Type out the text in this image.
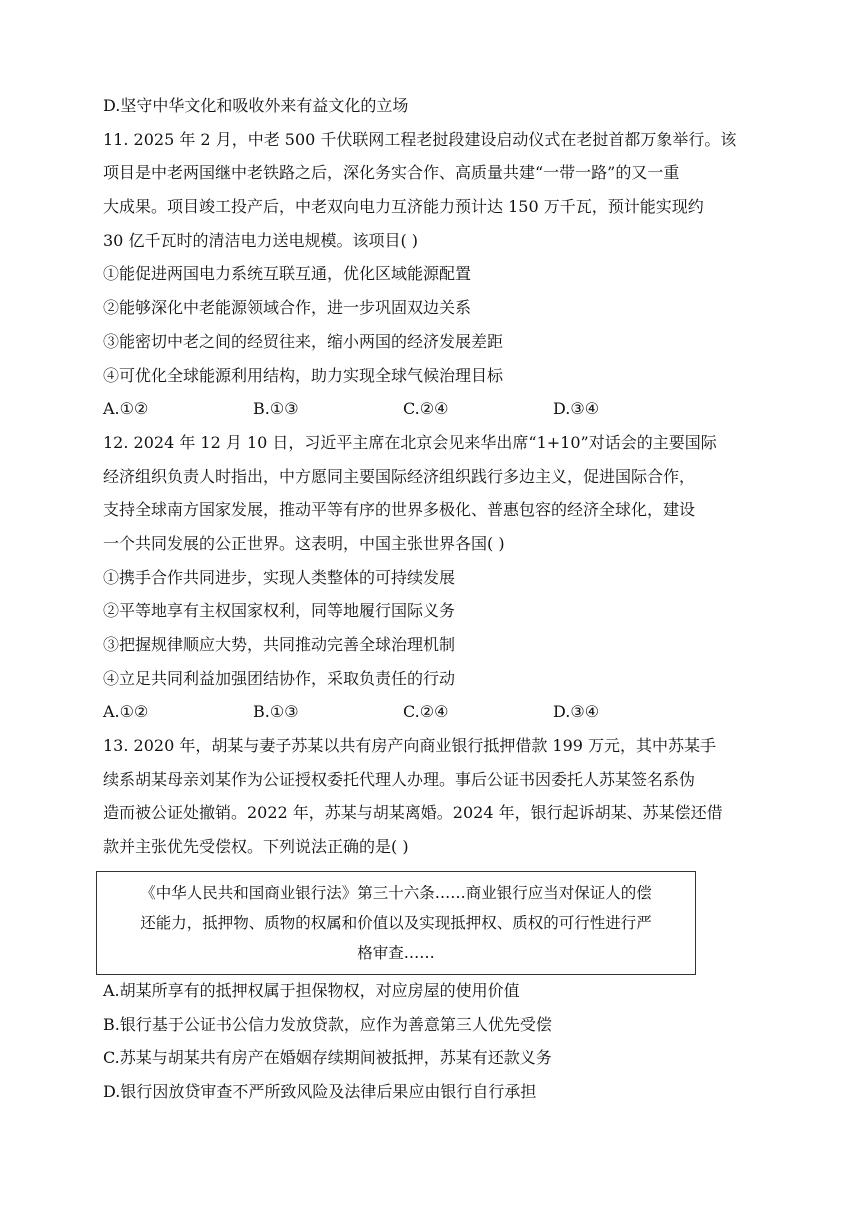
D.坚守中华文化和吸收外来有益文化的立场
11. 2025 年 2 月，中老 500 千伏联网工程老挝段建设启动仪式在老挝首都万象举行。该
项目是中老两国继中老铁路之后，深化务实合作、高质量共建“一带一路”的又一重
大成果。项目竣工投产后，中老双向电力互济能力预计达 150 万千瓦，预计能实现约
30 亿千瓦时的清洁电力送电规模。该项目( )
①能促进两国电力系统互联互通，优化区域能源配置
②能够深化中老能源领域合作，进一步巩固双边关系
③能密切中老之间的经贸往来，缩小两国的经济发展差距
④可优化全球能源利用结构，助力实现全球气候治理目标
A.①②	B.①③	C.②④	D.③④
12. 2024 年 12 月 10 日，习近平主席在北京会见来华出席“1+10”对话会的主要国际
经济组织负责人时指出，中方愿同主要国际经济组织践行多边主义，促进国际合作，
支持全球南方国家发展，推动平等有序的世界多极化、普惠包容的经济全球化，建设
一个共同发展的公正世界。这表明，中国主张世界各国( )
①携手合作共同进步，实现人类整体的可持续发展
②平等地享有主权国家权利，同等地履行国际义务
③把握规律顺应大势，共同推动完善全球治理机制
④立足共同利益加强团结协作，采取负责任的行动
A.①②	B.①③	C.②④	D.③④
13. 2020 年，胡某与妻子苏某以共有房产向商业银行抵押借款 199 万元，其中苏某手
续系胡某母亲刘某作为公证授权委托代理人办理。事后公证书因委托人苏某签名系伪
造而被公证处撤销。2022 年，苏某与胡某离婚。2024 年，银行起诉胡某、苏某偿还借
款并主张优先受偿权。下列说法正确的是( )
《中华人民共和国商业银行法》第三十六条……商业银行应当对保证人的偿
还能力，抵押物、质物的权属和价值以及实现抵押权、质权的可行性进行严
格审查……
A.胡某所享有的抵押权属于担保物权，对应房屋的使用价值
B.银行基于公证书公信力发放贷款，应作为善意第三人优先受偿
C.苏某与胡某共有房产在婚姻存续期间被抵押，苏某有还款义务
D.银行因放贷审查不严所致风险及法律后果应由银行自行承担
